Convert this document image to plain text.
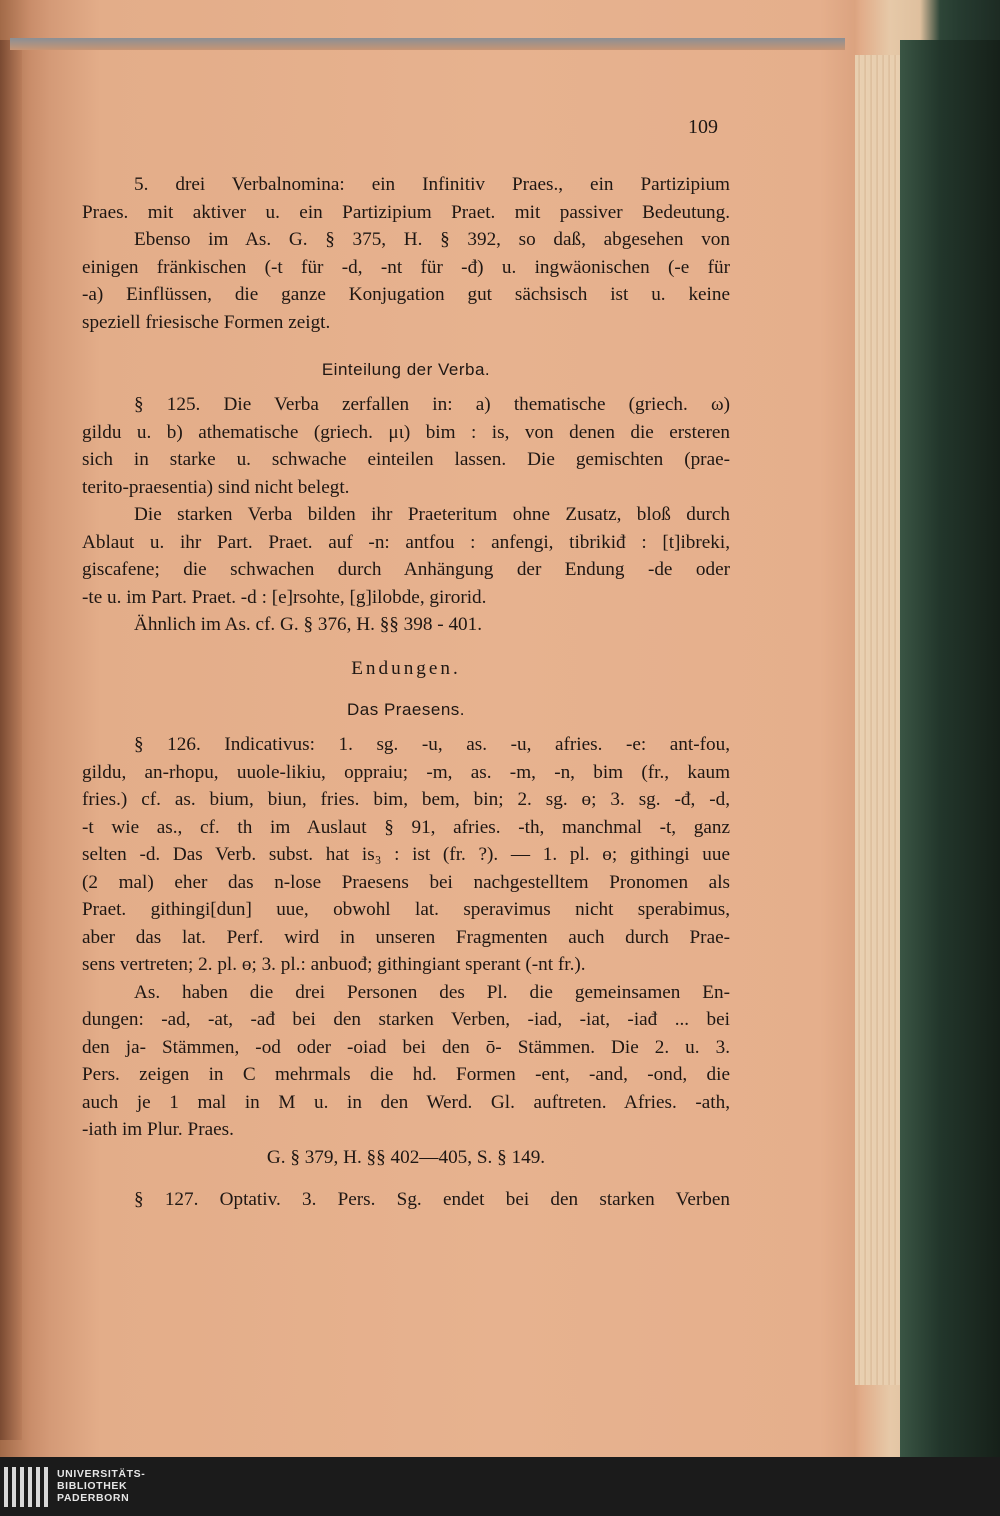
109
5. drei Verbalnomina: ein Infinitiv Praes., ein Partizipium
Praes. mit aktiver u. ein Partizipium Praet. mit passiver Bedeutung.
Ebenso im As. G. § 375, H. § 392, so daß, abgesehen von
einigen fränkischen (-t für -d, -nt für -đ) u. ingwäonischen (-e für
-a) Einflüssen, die ganze Konjugation gut sächsisch ist u. keine
speziell friesische Formen zeigt.
Einteilung der Verba.
§ 125. Die Verba zerfallen in: a) thematische (griech. ω)
gildu u. b) athematische (griech. μι) bim : is, von denen die ersteren
sich in starke u. schwache einteilen lassen. Die gemischten (prae-
terito-praesentia) sind nicht belegt.
Die starken Verba bilden ihr Praeteritum ohne Zusatz, bloß durch
Ablaut u. ihr Part. Praet. auf -n: antfou : anfengi, tibrikiđ : [t]ibreki,
giscafene; die schwachen durch Anhängung der Endung -de oder
-te u. im Part. Praet. -d : [e]rsohte, [g]ilobde, girorid.
Ähnlich im As. cf. G. § 376, H. §§ 398 - 401.
Endungen.
Das Praesens.
§ 126. Indicativus: 1. sg. -u, as. -u, afries. -e: ant-fou,
gildu, an-rhopu, uuole-likiu, oppraiu; -m, as. -m, -n, bim (fr., kaum
fries.) cf. as. bium, biun, fries. bim, bem, bin; 2. sg. ɵ; 3. sg. -đ, -d,
-t wie as., cf. th im Auslaut § 91, afries. -th, manchmal -t, ganz
selten -d. Das Verb. subst. hat is₃ : ist (fr. ?). — 1. pl. ɵ; githingi uue
(2 mal) eher das n-lose Praesens bei nachgestelltem Pronomen als
Praet. githingi[dun] uue, obwohl lat. speravimus nicht sperabimus,
aber das lat. Perf. wird in unseren Fragmenten auch durch Prae-
sens vertreten; 2. pl. ɵ; 3. pl.: anbuođ; githingiant sperant (-nt fr.).
As. haben die drei Personen des Pl. die gemeinsamen En-
dungen: -ad, -at, -ađ bei den starken Verben, -iad, -iat, -iađ ... bei
den ja- Stämmen, -od oder -oiad bei den ō- Stämmen. Die 2. u. 3.
Pers. zeigen in C mehrmals die hd. Formen -ent, -and, -ond, die
auch je 1 mal in M u. in den Werd. Gl. auftreten. Afries. -ath,
-iath im Plur. Praes.
G. § 379, H. §§ 402—405, S. § 149.
§ 127. Optativ. 3. Pers. Sg. endet bei den starken Verben
UNIVERSITÄTS-
BIBLIOTHEK
PADERBORN
